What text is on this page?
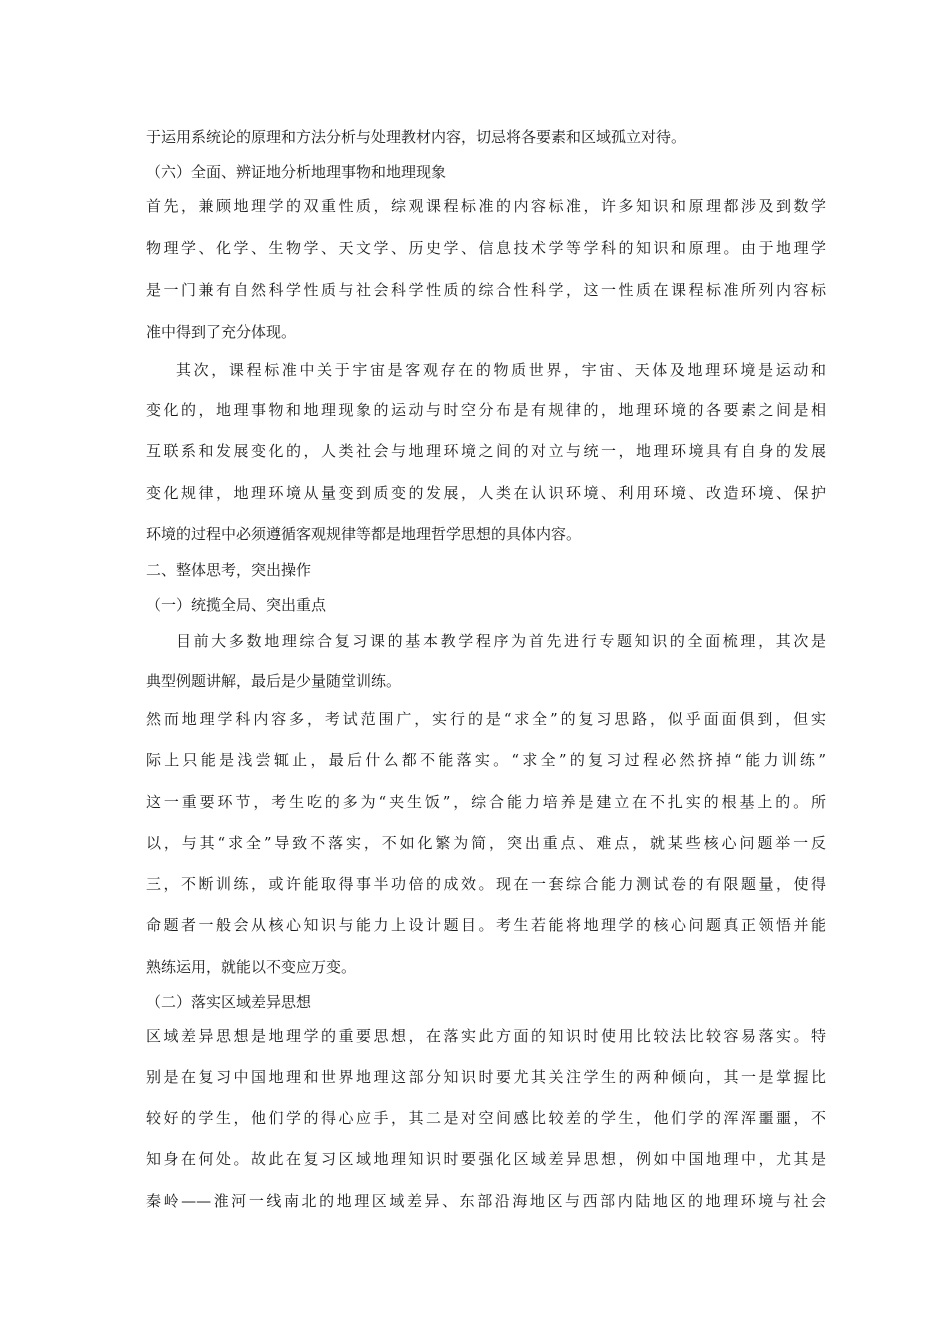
于运用系统论的原理和方法分析与处理教材内容，切忌将各要素和区域孤立对待。

（六）全面、辨证地分析地理事物和地理现象

首先，兼顾地理学的双重性质，综观课程标准的内容标准，许多知识和原理都涉及到数学

物理学、化学、生物学、天文学、历史学、信息技术学等学科的知识和原理。由于地理学

是一门兼有自然科学性质与社会科学性质的综合性科学，这一性质在课程标准所列内容标

准中得到了充分体现。

其次，课程标准中关于宇宙是客观存在的物质世界，宇宙、天体及地理环境是运动和

变化的，地理事物和地理现象的运动与时空分布是有规律的，地理环境的各要素之间是相

互联系和发展变化的，人类社会与地理环境之间的对立与统一，地理环境具有自身的发展

变化规律，地理环境从量变到质变的发展，人类在认识环境、利用环境、改造环境、保护

环境的过程中必须遵循客观规律等都是地理哲学思想的具体内容。

二、整体思考，突出操作

（一）统揽全局、突出重点

目前大多数地理综合复习课的基本教学程序为首先进行专题知识的全面梳理，其次是

典型例题讲解，最后是少量随堂训练。

然而地理学科内容多，考试范围广，实行的是“求全”的复习思路，似乎面面俱到，但实

际上只能是浅尝辄止，最后什么都不能落实。“求全”的复习过程必然挤掉“能力训练”

这一重要环节，考生吃的多为“夹生饭”，综合能力培养是建立在不扎实的根基上的。所

以，与其“求全”导致不落实，不如化繁为简，突出重点、难点，就某些核心问题举一反

三，不断训练，或许能取得事半功倍的成效。现在一套综合能力测试卷的有限题量，使得

命题者一般会从核心知识与能力上设计题目。考生若能将地理学的核心问题真正领悟并能

熟练运用，就能以不变应万变。

（二）落实区域差异思想

区域差异思想是地理学的重要思想，在落实此方面的知识时使用比较法比较容易落实。特

别是在复习中国地理和世界地理这部分知识时要尤其关注学生的两种倾向，其一是掌握比

较好的学生，他们学的得心应手，其二是对空间感比较差的学生，他们学的浑浑噩噩，不

知身在何处。故此在复习区域地理知识时要强化区域差异思想，例如中国地理中，尤其是

秦岭——淮河一线南北的地理区域差异、东部沿海地区与西部内陆地区的地理环境与社会
